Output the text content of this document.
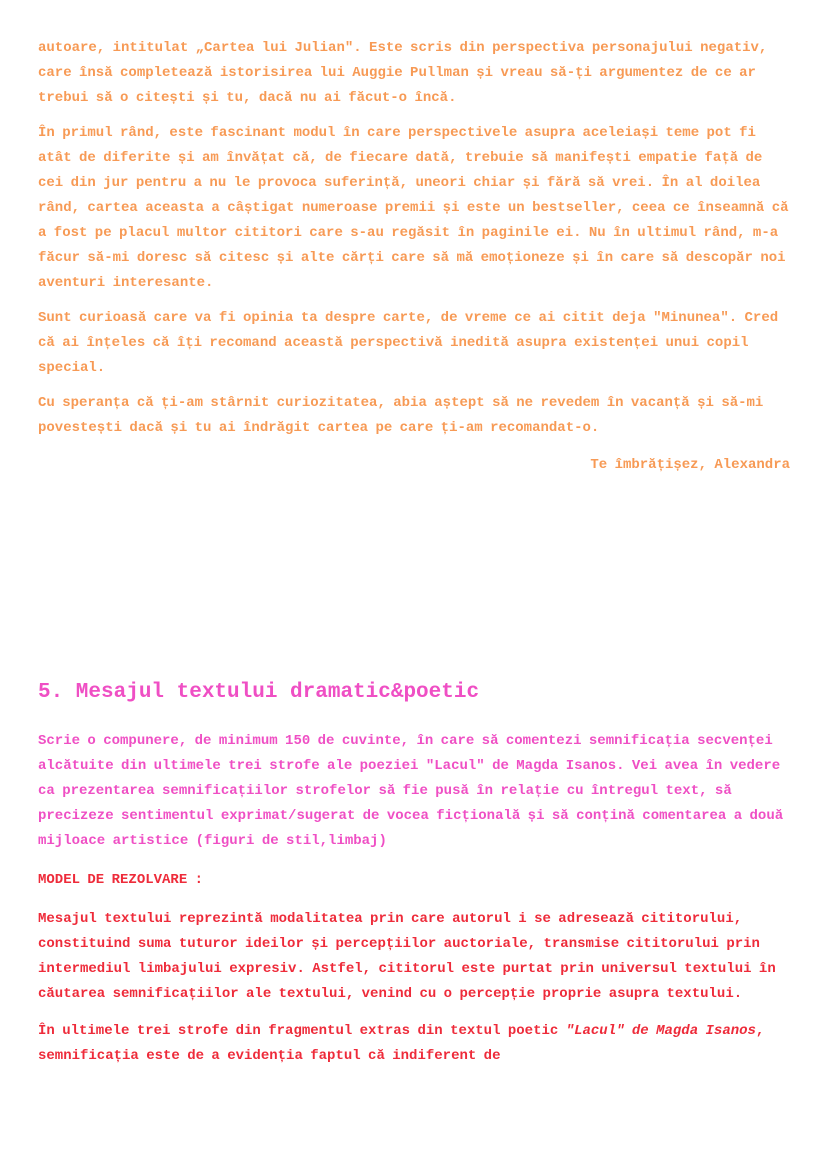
autoare, intitulat „Cartea lui Julian". Este scris din perspectiva personajului negativ, care însă completează istorisirea lui Auggie Pullman și vreau să-ți argumentez de ce ar trebui să o citești și tu, dacă nu ai făcut-o încă.

În primul rând, este fascinant modul în care perspectivele asupra aceleiași teme pot fi atât de diferite și am învățat că, de fiecare dată, trebuie să manifești empatie față de cei din jur pentru a nu le provoca suferință, uneori chiar și fără să vrei. În al doilea rând, cartea aceasta a câștigat numeroase premii și este un bestseller, ceea ce înseamnă că a fost pe placul multor cititori care s-au regăsit în paginile ei. Nu în ultimul rând, m-a făcur să-mi doresc să citesc și alte cărți care să mă emoționeze și în care să descopăr noi aventuri interesante.

Sunt curioasă care va fi opinia ta despre carte, de vreme ce ai citit deja "Minunea". Cred că ai înțeles că îți recomand această perspectivă inedită asupra existenței unui copil special.

Cu speranța că ți-am stârnit curiozitatea, abia aștept să ne revedem în vacanță și să-mi povestești dacă și tu ai îndrăgit cartea pe care ți-am recomandat-o.

Te îmbrățișez, Alexandra

5. Mesajul textului dramatic&poetic

Scrie o compunere, de minimum 150 de cuvinte, în care să comentezi semnificația secvenței alcătuite din ultimele trei strofe ale poeziei "Lacul" de Magda Isanos. Vei avea în vedere ca prezentarea semnificațiilor strofelor să fie pusă în relație cu întregul text, să precizeze sentimentul exprimat/sugerat de vocea ficțională și să conțină comentarea a două mijloace artistice (figuri de stil,limbaj)

MODEL DE REZOLVARE :

Mesajul textului reprezintă modalitatea prin care autorul i se adresează cititorului, constituind suma tuturor ideilor și percepțiilor auctoriale, transmise cititorului prin intermediul limbajului expresiv. Astfel, cititorul este purtat prin universul textului în căutarea semnificațiilor ale textului, venind cu o percepție proprie asupra textului.

În ultimele trei strofe din fragmentul extras din textul poetic "Lacul" de Magda Isanos, semnificația este de a evidenția faptul că indiferent de
